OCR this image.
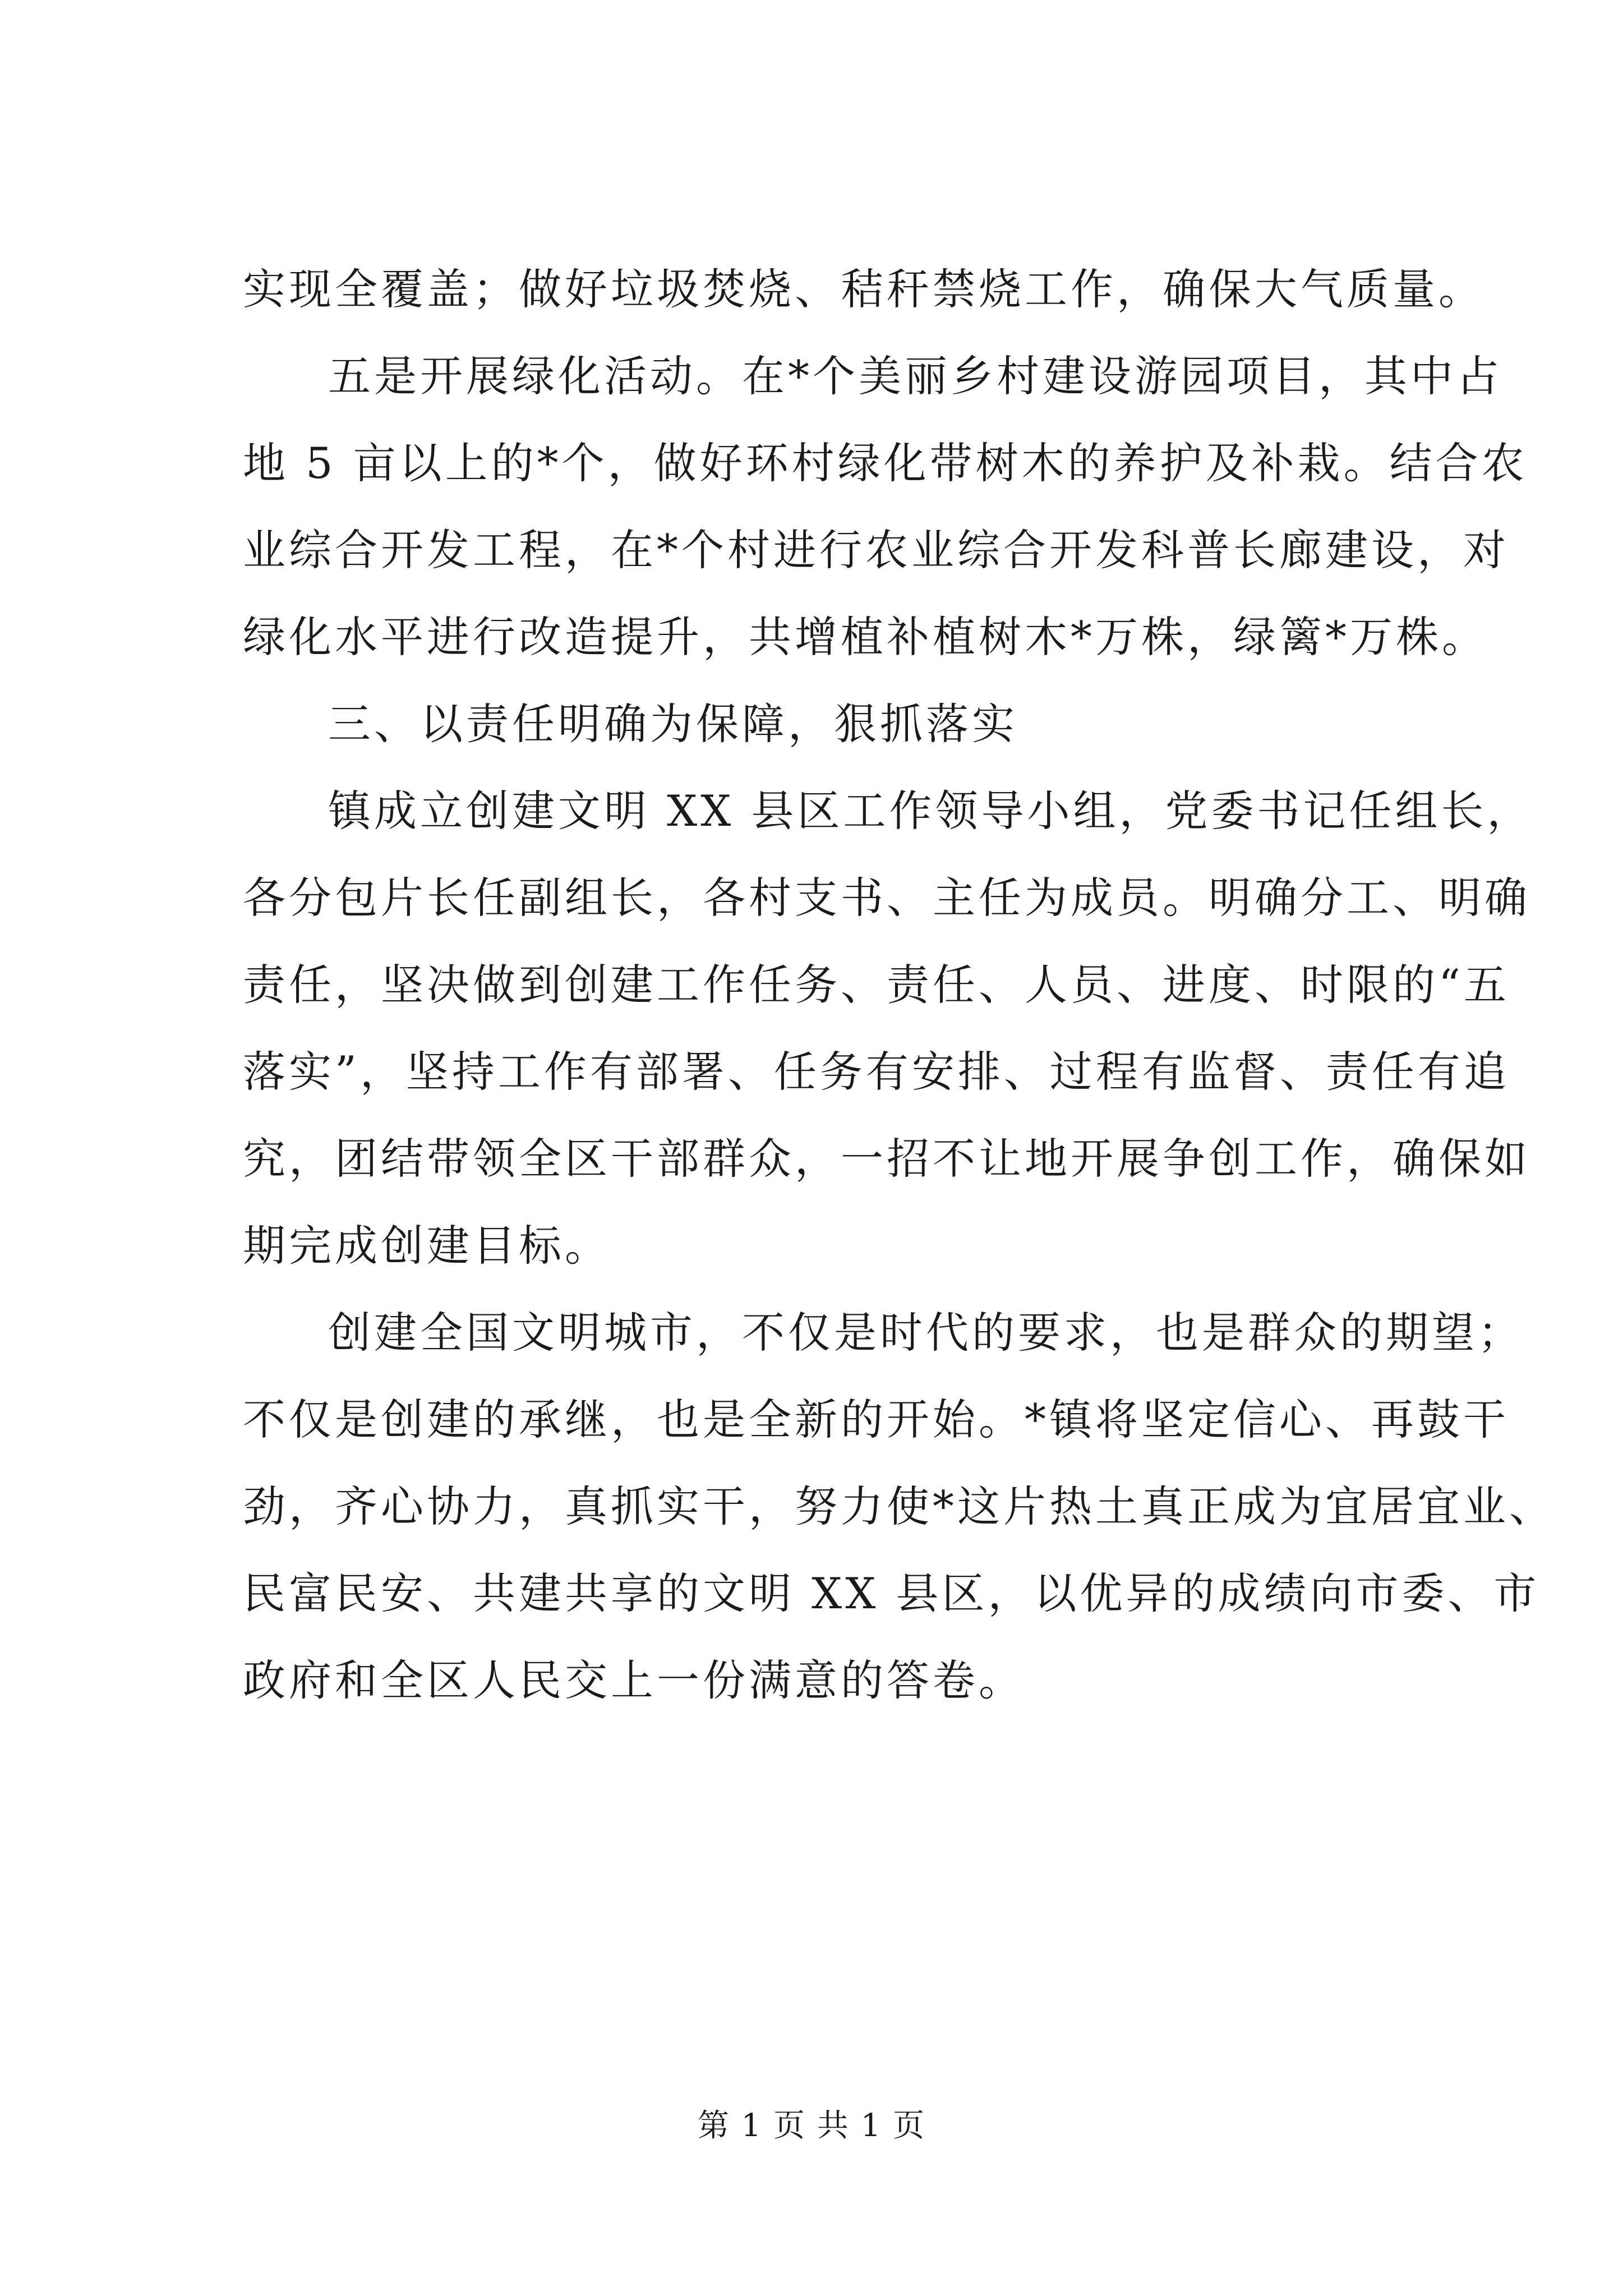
实现全覆盖；做好垃圾焚烧、秸秆禁烧工作，确保大气质量。
五是开展绿化活动。在*个美丽乡村建设游园项目，其中占
地 5 亩以上的*个，做好环村绿化带树木的养护及补栽。结合农
业综合开发工程，在*个村进行农业综合开发科普长廊建设，对
绿化水平进行改造提升，共增植补植树木*万株，绿篱*万株。
三、以责任明确为保障，狠抓落实
镇成立创建文明 XX 县区工作领导小组，党委书记任组长，
各分包片长任副组长，各村支书、主任为成员。明确分工、明确
责任，坚决做到创建工作任务、责任、人员、进度、时限的“五
落实”，坚持工作有部署、任务有安排、过程有监督、责任有追
究，团结带领全区干部群众，一招不让地开展争创工作，确保如
期完成创建目标。
创建全国文明城市，不仅是时代的要求，也是群众的期望；
不仅是创建的承继，也是全新的开始。*镇将坚定信心、再鼓干
劲，齐心协力，真抓实干，努力使*这片热土真正成为宜居宜业、
民富民安、共建共享的文明 XX 县区，以优异的成绩向市委、市
政府和全区人民交上一份满意的答卷。
第 1 页 共 1 页
